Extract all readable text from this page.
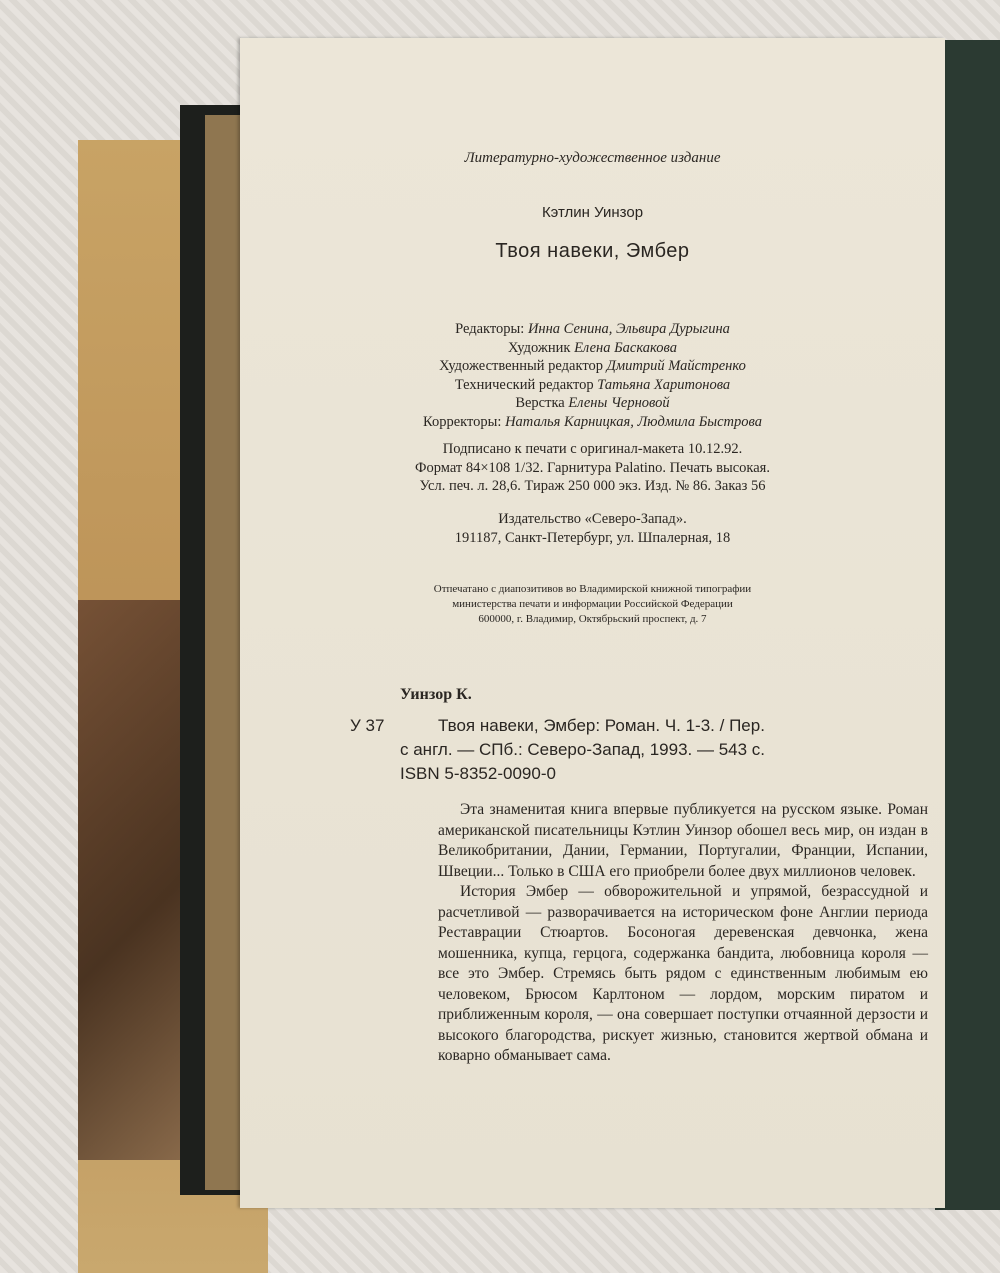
Литературно-художественное издание
Кэтлин Уинзор
Твоя навеки, Эмбер
Редакторы: Инна Сенина, Эльвира Дурыгина
Художник Елена Баскакова
Художественный редактор Дмитрий Майстренко
Технический редактор Татьяна Харитонова
Верстка Елены Черновой
Корректоры: Наталья Карницкая, Людмила Быстрова
Подписано к печати с оригинал-макета 10.12.92.
Формат 84×108 1/32. Гарнитура Palatino. Печать высокая.
Усл. печ. л. 28,6. Тираж 250 000 экз. Изд. № 86. Заказ 56
Издательство «Северо-Запад».
191187, Санкт-Петербург, ул. Шпалерная, 18
Отпечатано с диапозитивов во Владимирской книжной типографии
министерства печати и информации Российской Федерации
600000, г. Владимир, Октябрьский проспект, д. 7
Уинзор К.
У 37	Твоя навеки, Эмбер: Роман. Ч. 1-3. / Пер.
с англ. — СПб.: Северо-Запад, 1993. — 543 с.
ISBN 5-8352-0090-0

Эта знаменитая книга впервые публикуется на русском языке. Роман американской писательницы Кэтлин Уинзор обошел весь мир, он издан в Великобритании, Дании, Германии, Португалии, Франции, Испании, Швеции... Только в США его приобрели более двух миллионов человек.

История Эмбер — обворожительной и упрямой, безрассудной и расчетливой — разворачивается на историческом фоне Англии периода Реставрации Стюартов. Босоногая деревенская девчонка, жена мошенника, купца, герцога, содержанка бандита, любовница короля — все это Эмбер. Стремясь быть рядом с единственным любимым ею человеком, Брюсом Карлтоном — лордом, морским пиратом и приближенным короля, — она совершает поступки отчаянной дерзости и высокого благородства, рискует жизнью, становится жертвой обмана и коварно обманывает сама.
